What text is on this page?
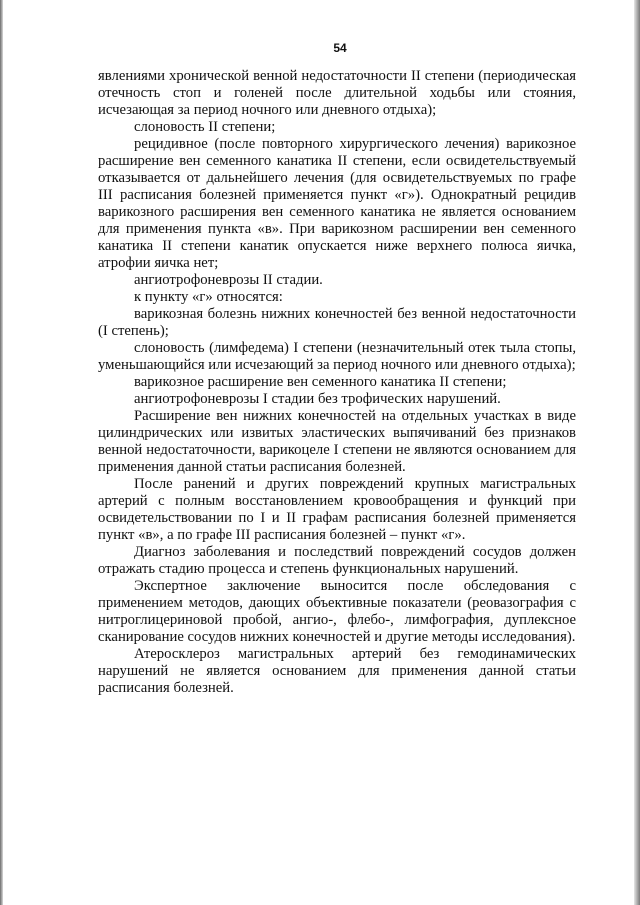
54

явлениями хронической венной недостаточности II степени (периодическая отечность стоп и голеней после длительной ходьбы или стояния, исчезающая за период ночного или дневного отдыха);

слоновость II степени;

рецидивное (после повторного хирургического лечения) варикозное расширение вен семенного канатика II степени, если освидетельствуемый отказывается от дальнейшего лечения (для освидетельствуемых по графе III расписания болезней применяется пункт «г»). Однократный рецидив варикозного расширения вен семенного канатика не является основанием для применения пункта «в». При варикозном расширении вен семенного канатика II степени канатик опускается ниже верхнего полюса яичка, атрофии яичка нет;

ангиотрофоневрозы II стадии.

к пункту «г» относятся:

варикозная болезнь нижних конечностей без венной недостаточности (I степень);

слоновость (лимфедема) I степени (незначительный отек тыла стопы, уменьшающийся или исчезающий за период ночного или дневного отдыха);

варикозное расширение вен семенного канатика II степени;

ангиотрофоневрозы I стадии без трофических нарушений.

Расширение вен нижних конечностей на отдельных участках в виде цилиндрических или извитых эластических выпячиваний без признаков венной недостаточности, варикоцеле I степени не являются основанием для применения данной статьи расписания болезней.

После ранений и других повреждений крупных магистральных артерий с полным восстановлением кровообращения и функций при освидетельствовании по I и II графам расписания болезней применяется пункт «в», а по графе III расписания болезней – пункт «г».

Диагноз заболевания и последствий повреждений сосудов должен отражать стадию процесса и степень функциональных нарушений.

Экспертное заключение выносится после обследования с применением методов, дающих объективные показатели (реовазография с нитроглицериновой пробой, ангио-, флебо-, лимфография, дуплексное сканирование сосудов нижних конечностей и другие методы исследования).

Атеросклероз магистральных артерий без гемодинамических нарушений не является основанием для применения данной статьи расписания болезней.
